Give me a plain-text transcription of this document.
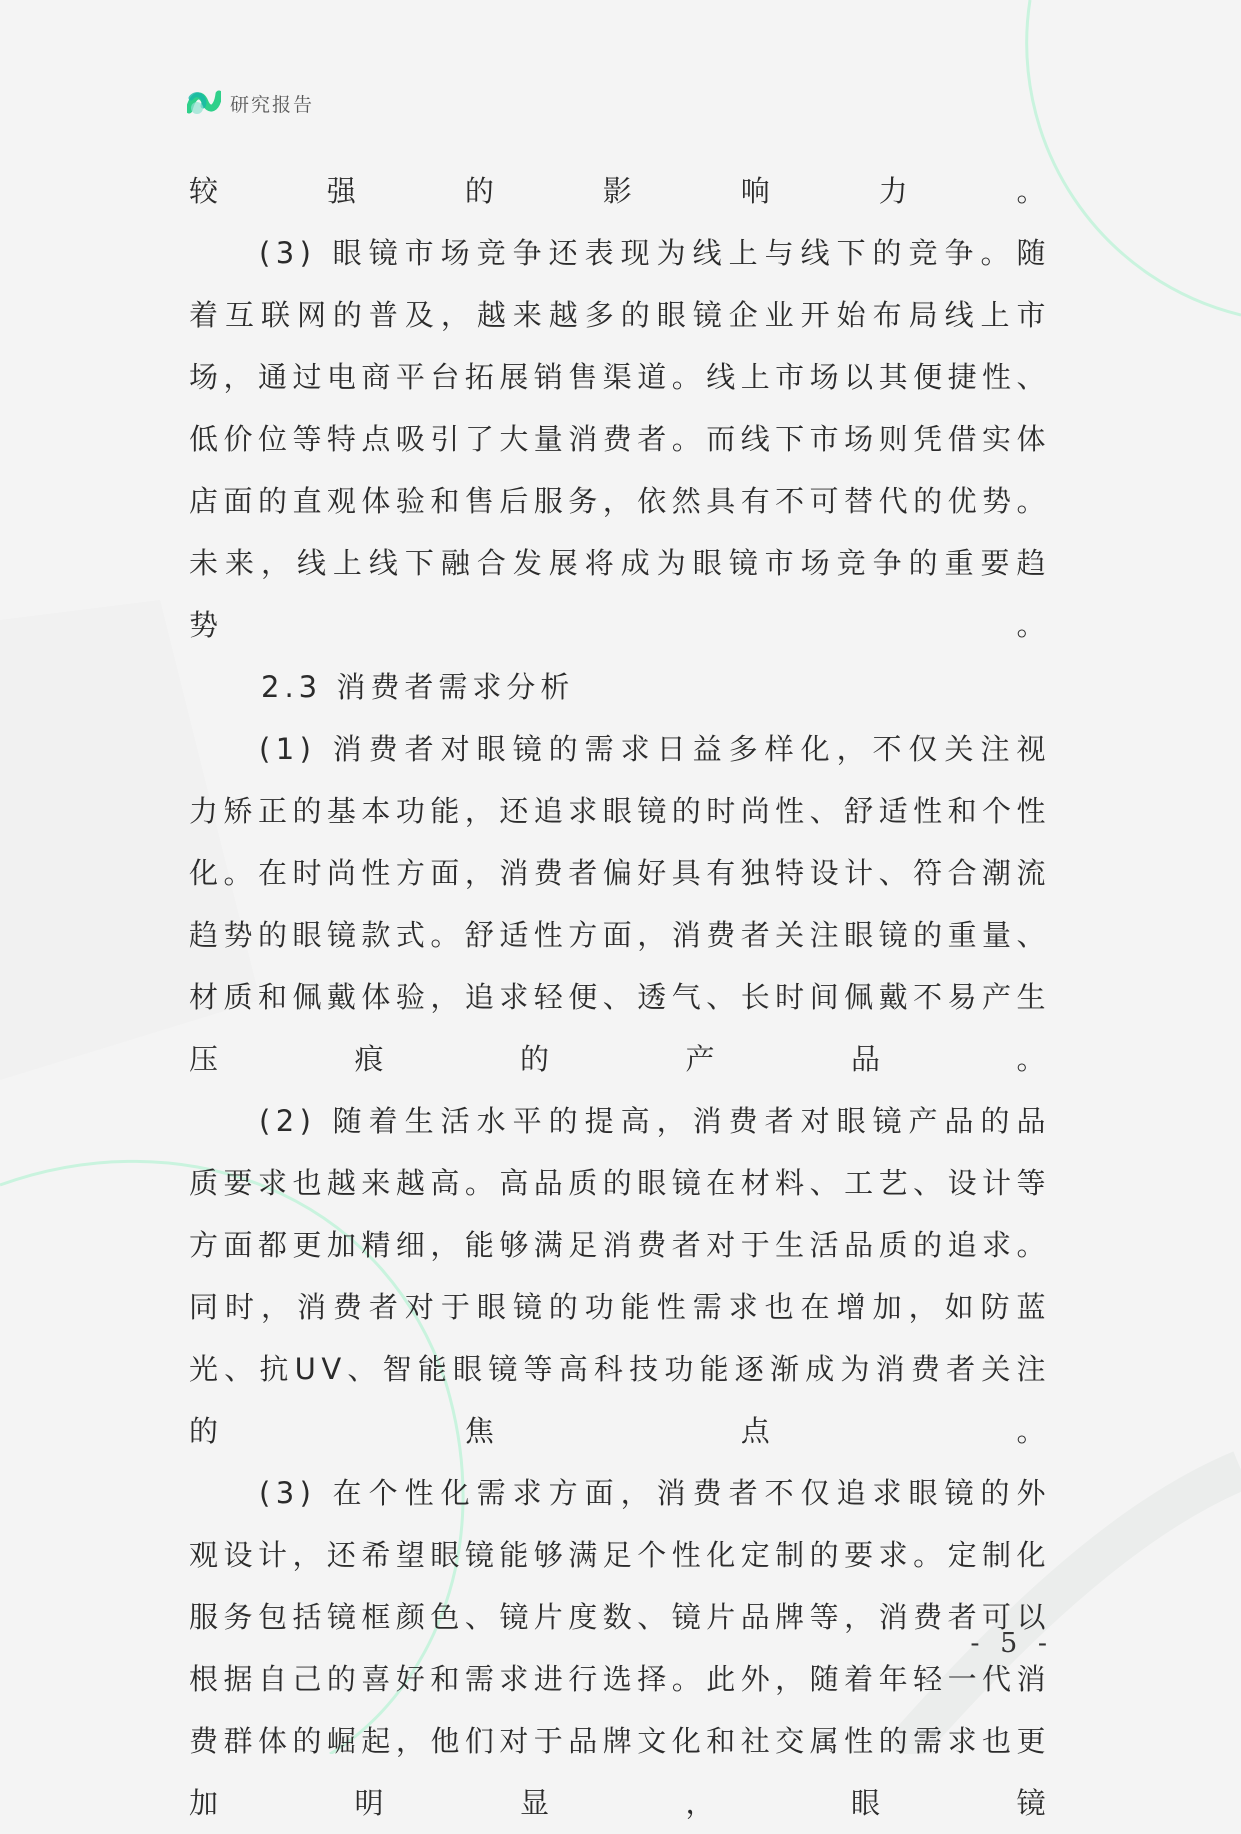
研究报告

较强的影响力。

(3) 眼镜市场竞争还表现为线上与线下的竞争。随着互联网的普及，越来越多的眼镜企业开始布局线上市场，通过电商平台拓展销售渠道。线上市场以其便捷性、低价位等特点吸引了大量消费者。而线下市场则凭借实体店面的直观体验和售后服务，依然具有不可替代的优势。未来，线上线下融合发展将成为眼镜市场竞争的重要趋势。

2.3 消费者需求分析

(1) 消费者对眼镜的需求日益多样化，不仅关注视力矫正的基本功能，还追求眼镜的时尚性、舒适性和个性化。在时尚性方面，消费者偏好具有独特设计、符合潮流趋势的眼镜款式。舒适性方面，消费者关注眼镜的重量、材质和佩戴体验，追求轻便、透气、长时间佩戴不易产生压痕的产品。

(2) 随着生活水平的提高，消费者对眼镜产品的品质要求也越来越高。高品质的眼镜在材料、工艺、设计等方面都更加精细，能够满足消费者对于生活品质的追求。同时，消费者对于眼镜的功能性需求也在增加，如防蓝光、抗UV、智能眼镜等高科技功能逐渐成为消费者关注的焦点。

(3) 在个性化需求方面，消费者不仅追求眼镜的外观设计，还希望眼镜能够满足个性化定制的要求。定制化服务包括镜框颜色、镜片度数、镜片品牌等，消费者可以根据自己的喜好和需求进行选择。此外，随着年轻一代消费群体的崛起，他们对于品牌文化和社交属性的需求也更加明显，眼镜

- 5 -
